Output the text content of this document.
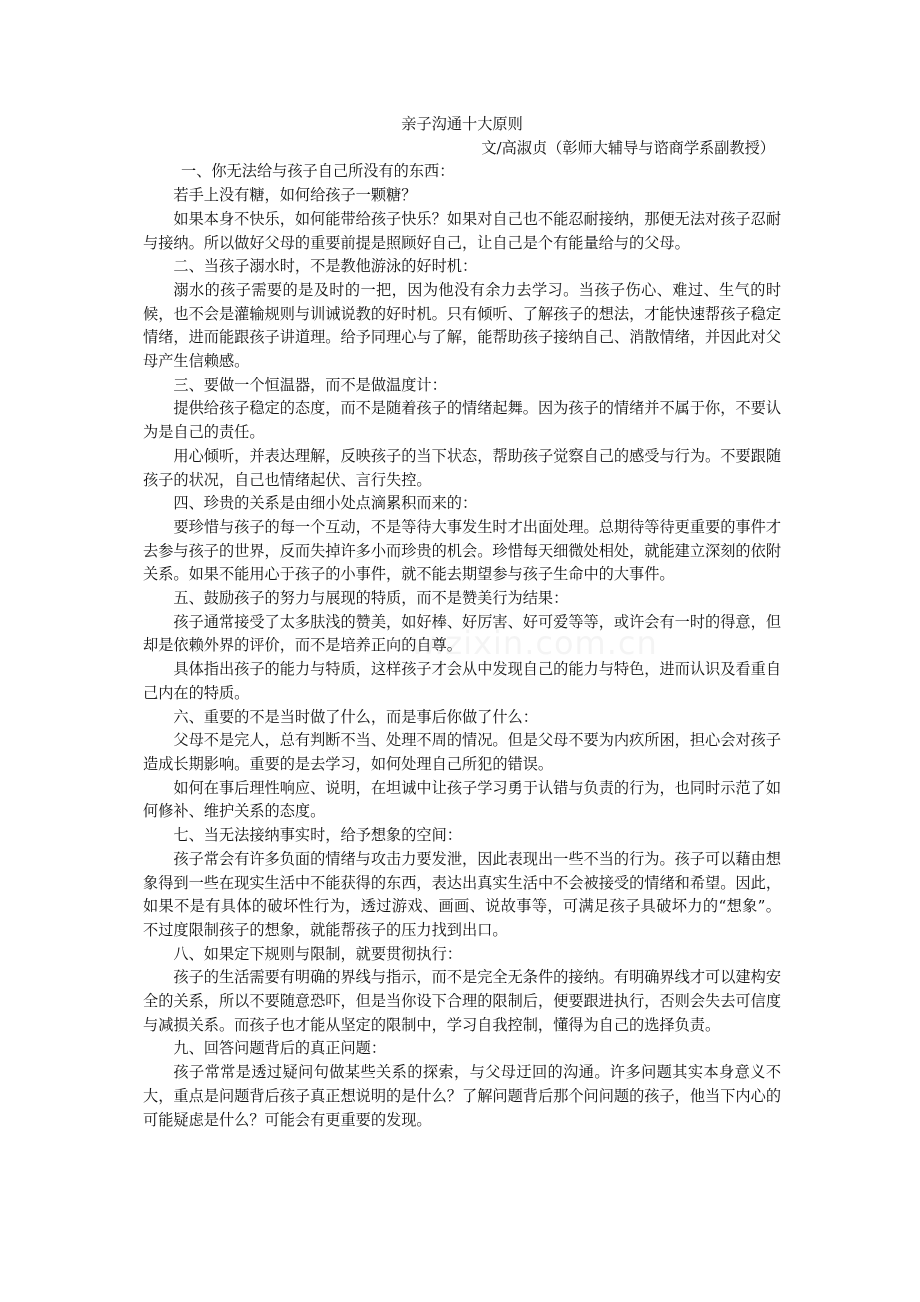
亲子沟通十大原则

文/高淑贞（彰师大辅导与谘商学系副教授）

一、你无法给与孩子自己所没有的东西：

若手上没有糖，如何给孩子一颗糖？

如果本身不快乐，如何能带给孩子快乐？如果对自己也不能忍耐接纳，那便无法对孩子忍耐与接纳。所以做好父母的重要前提是照顾好自己，让自己是个有能量给与的父母。

二、当孩子溺水时，不是教他游泳的好时机：

溺水的孩子需要的是及时的一把，因为他没有余力去学习。当孩子伤心、难过、生气的时候，也不会是灌输规则与训诫说教的好时机。只有倾听、了解孩子的想法，才能快速帮孩子稳定情绪，进而能跟孩子讲道理。给予同理心与了解，能帮助孩子接纳自己、消散情绪，并因此对父母产生信赖感。

三、要做一个恒温器，而不是做温度计：

提供给孩子稳定的态度，而不是随着孩子的情绪起舞。因为孩子的情绪并不属于你，不要认为是自己的责任。

用心倾听，并表达理解，反映孩子的当下状态，帮助孩子觉察自己的感受与行为。不要跟随孩子的状况，自己也情绪起伏、言行失控。

四、珍贵的关系是由细小处点滴累积而来的：

要珍惜与孩子的每一个互动，不是等待大事发生时才出面处理。总期待等待更重要的事件才去参与孩子的世界，反而失掉许多小而珍贵的机会。珍惜每天细微处相处，就能建立深刻的依附关系。如果不能用心于孩子的小事件，就不能去期望参与孩子生命中的大事件。

五、鼓励孩子的努力与展现的特质，而不是赞美行为结果：

孩子通常接受了太多肤浅的赞美，如好棒、好厉害、好可爱等等，或许会有一时的得意，但却是依赖外界的评价，而不是培养正向的自尊。

具体指出孩子的能力与特质，这样孩子才会从中发现自己的能力与特色，进而认识及看重自己内在的特质。

六、重要的不是当时做了什么，而是事后你做了什么：

父母不是完人，总有判断不当、处理不周的情况。但是父母不要为内疚所困，担心会对孩子造成长期影响。重要的是去学习，如何处理自己所犯的错误。

如何在事后理性响应、说明，在坦诚中让孩子学习勇于认错与负责的行为，也同时示范了如何修补、维护关系的态度。

七、当无法接纳事实时，给予想象的空间：

孩子常会有许多负面的情绪与攻击力要发泄，因此表现出一些不当的行为。孩子可以藉由想象得到一些在现实生活中不能获得的东西，表达出真实生活中不会被接受的情绪和希望。因此，如果不是有具体的破坏性行为，透过游戏、画画、说故事等，可满足孩子具破坏力的“想象”。不过度限制孩子的想象，就能帮孩子的压力找到出口。

八、如果定下规则与限制，就要贯彻执行：

孩子的生活需要有明确的界线与指示，而不是完全无条件的接纳。有明确界线才可以建构安全的关系，所以不要随意恐吓，但是当你设下合理的限制后，便要跟进执行，否则会失去可信度与减损关系。而孩子也才能从坚定的限制中，学习自我控制，懂得为自己的选择负责。

九、回答问题背后的真正问题：

孩子常常是透过疑问句做某些关系的探索，与父母迂回的沟通。许多问题其实本身意义不大，重点是问题背后孩子真正想说明的是什么？了解问题背后那个问问题的孩子，他当下内心的可能疑虑是什么？可能会有更重要的发现。
